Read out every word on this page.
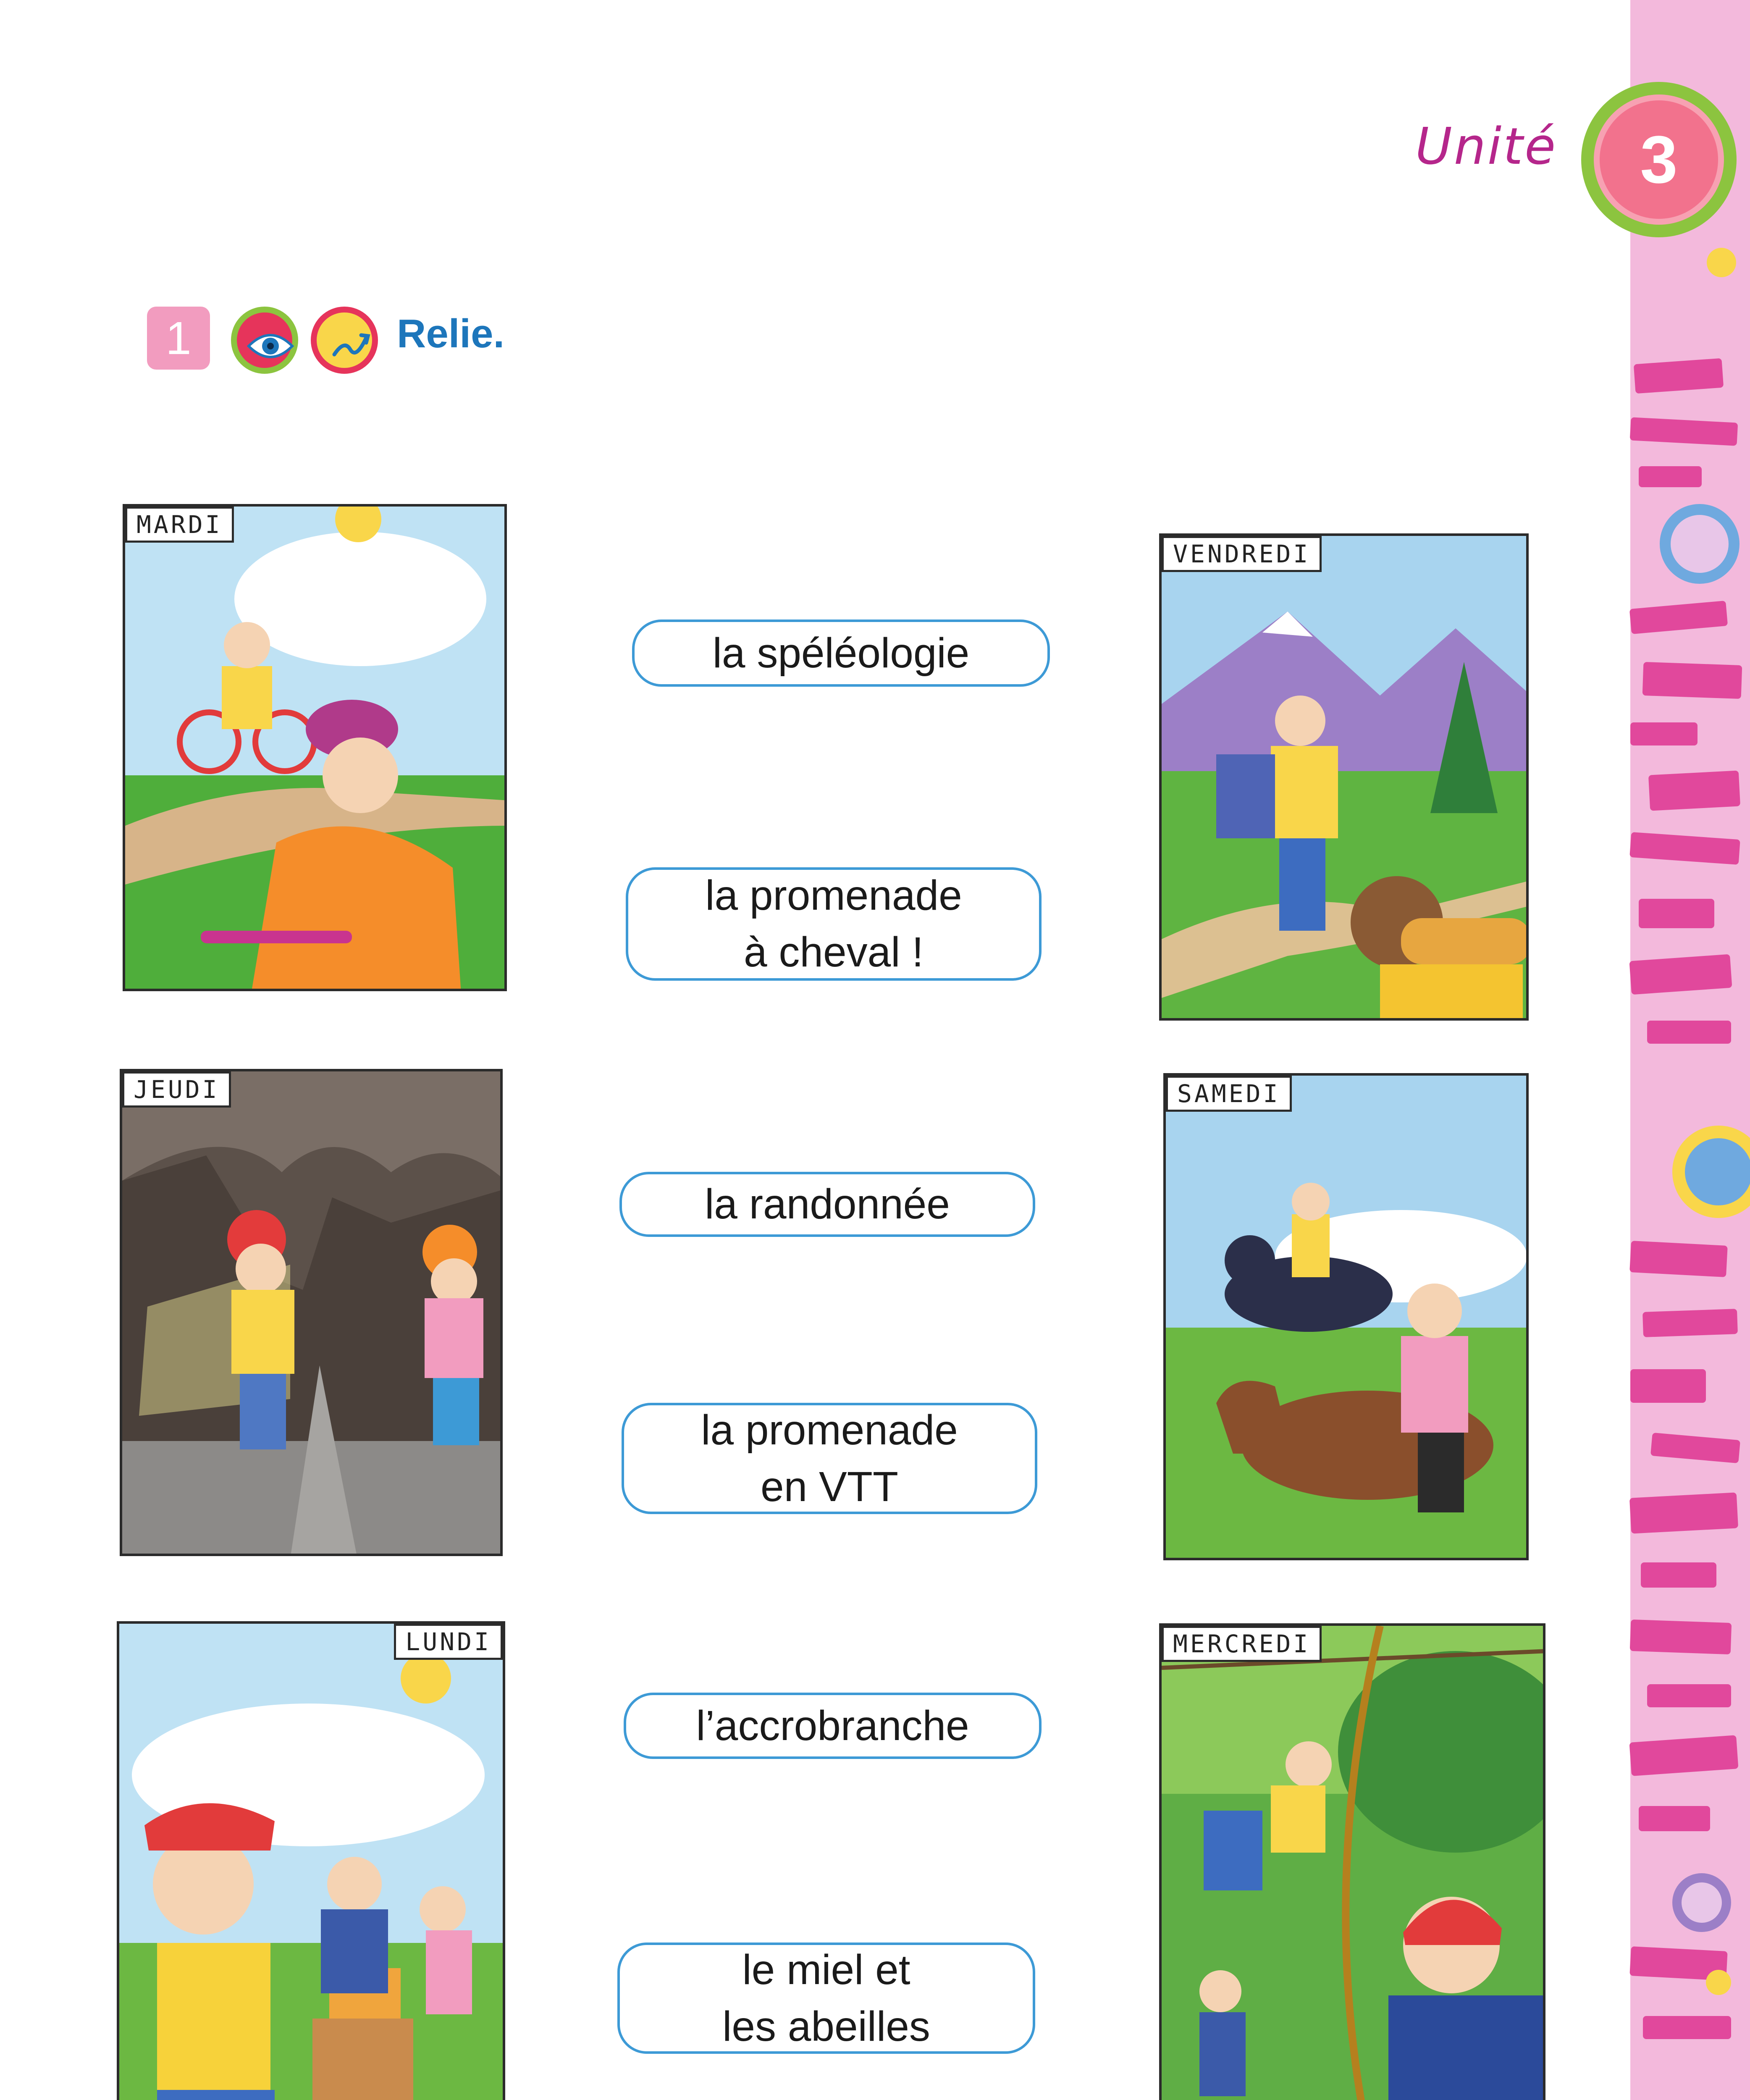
Unité	3
1	Relie.
MARDI
JEUDI
LUNDI
VENDREDI
SAMEDI
MERCREDI
la spéléologie
la promenade
à cheval !
la randonnée
la promenade
en VTT
l’accrobranche
le miel et
les abeilles
